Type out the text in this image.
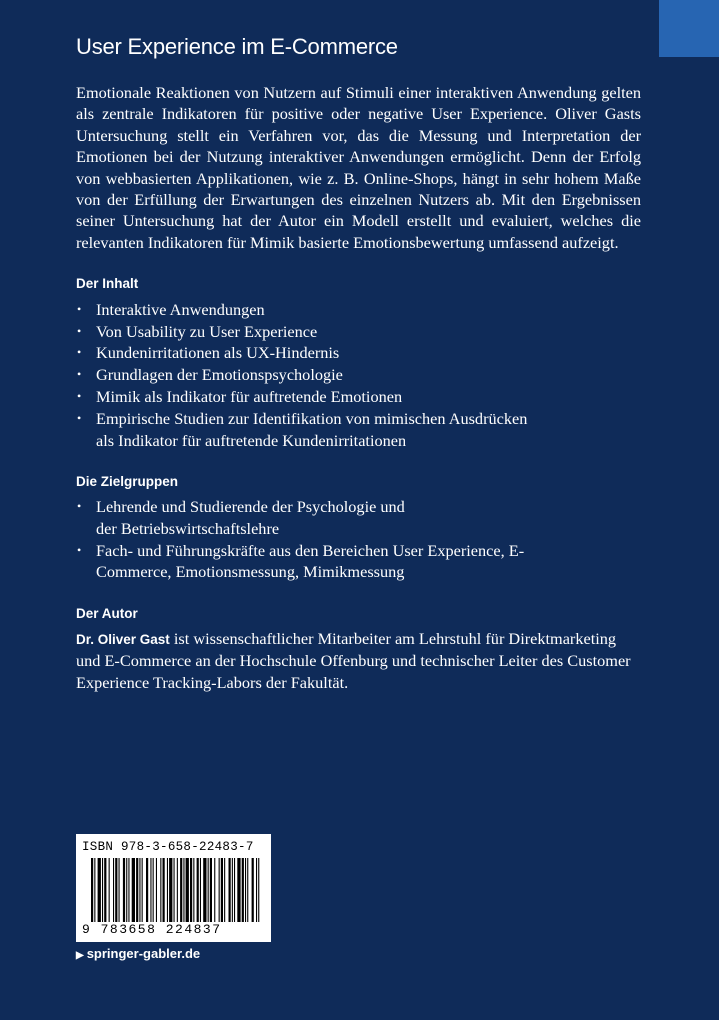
User Experience im E-Commerce

Emotionale Reaktionen von Nutzern auf Stimuli einer interaktiven Anwendung gelten als zentrale Indikatoren für positive oder negative User Experience. Oliver Gasts Untersuchung stellt ein Verfahren vor, das die Messung und Interpretation der Emotionen bei der Nutzung interaktiver Anwendungen ermöglicht. Denn der Erfolg von webbasierten Applikationen, wie z. B. Online-Shops, hängt in sehr hohem Maße von der Erfüllung der Erwartungen des einzelnen Nutzers ab. Mit den Ergebnissen seiner Untersuchung hat der Autor ein Modell erstellt und evaluiert, welches die relevanten Indikatoren für Mimik basierte Emotionsbewertung umfassend aufzeigt.

Der Inhalt
• Interaktive Anwendungen
• Von Usability zu User Experience
• Kundenirritationen als UX-Hindernis
• Grundlagen der Emotionspsychologie
• Mimik als Indikator für auftretende Emotionen
• Empirische Studien zur Identifikation von mimischen Ausdrücken als Indikator für auftretende Kundenirritationen
Die Zielgruppen
• Lehrende und Studierende der Psychologie und der Betriebswirtschaftslehre
• Fach- und Führungskräfte aus den Bereichen User Experience, E-Commerce, Emotionsmessung, Mimikmessung
Der Autor

Dr. Oliver Gast ist wissenschaftlicher Mitarbeiter am Lehrstuhl für Direktmarketing und E-Commerce an der Hochschule Offenburg und technischer Leiter des Customer Experience Tracking-Labors der Fakultät.

ISBN 978-3-658-22483-7
9 783658 224837
▶ springer-gabler.de
